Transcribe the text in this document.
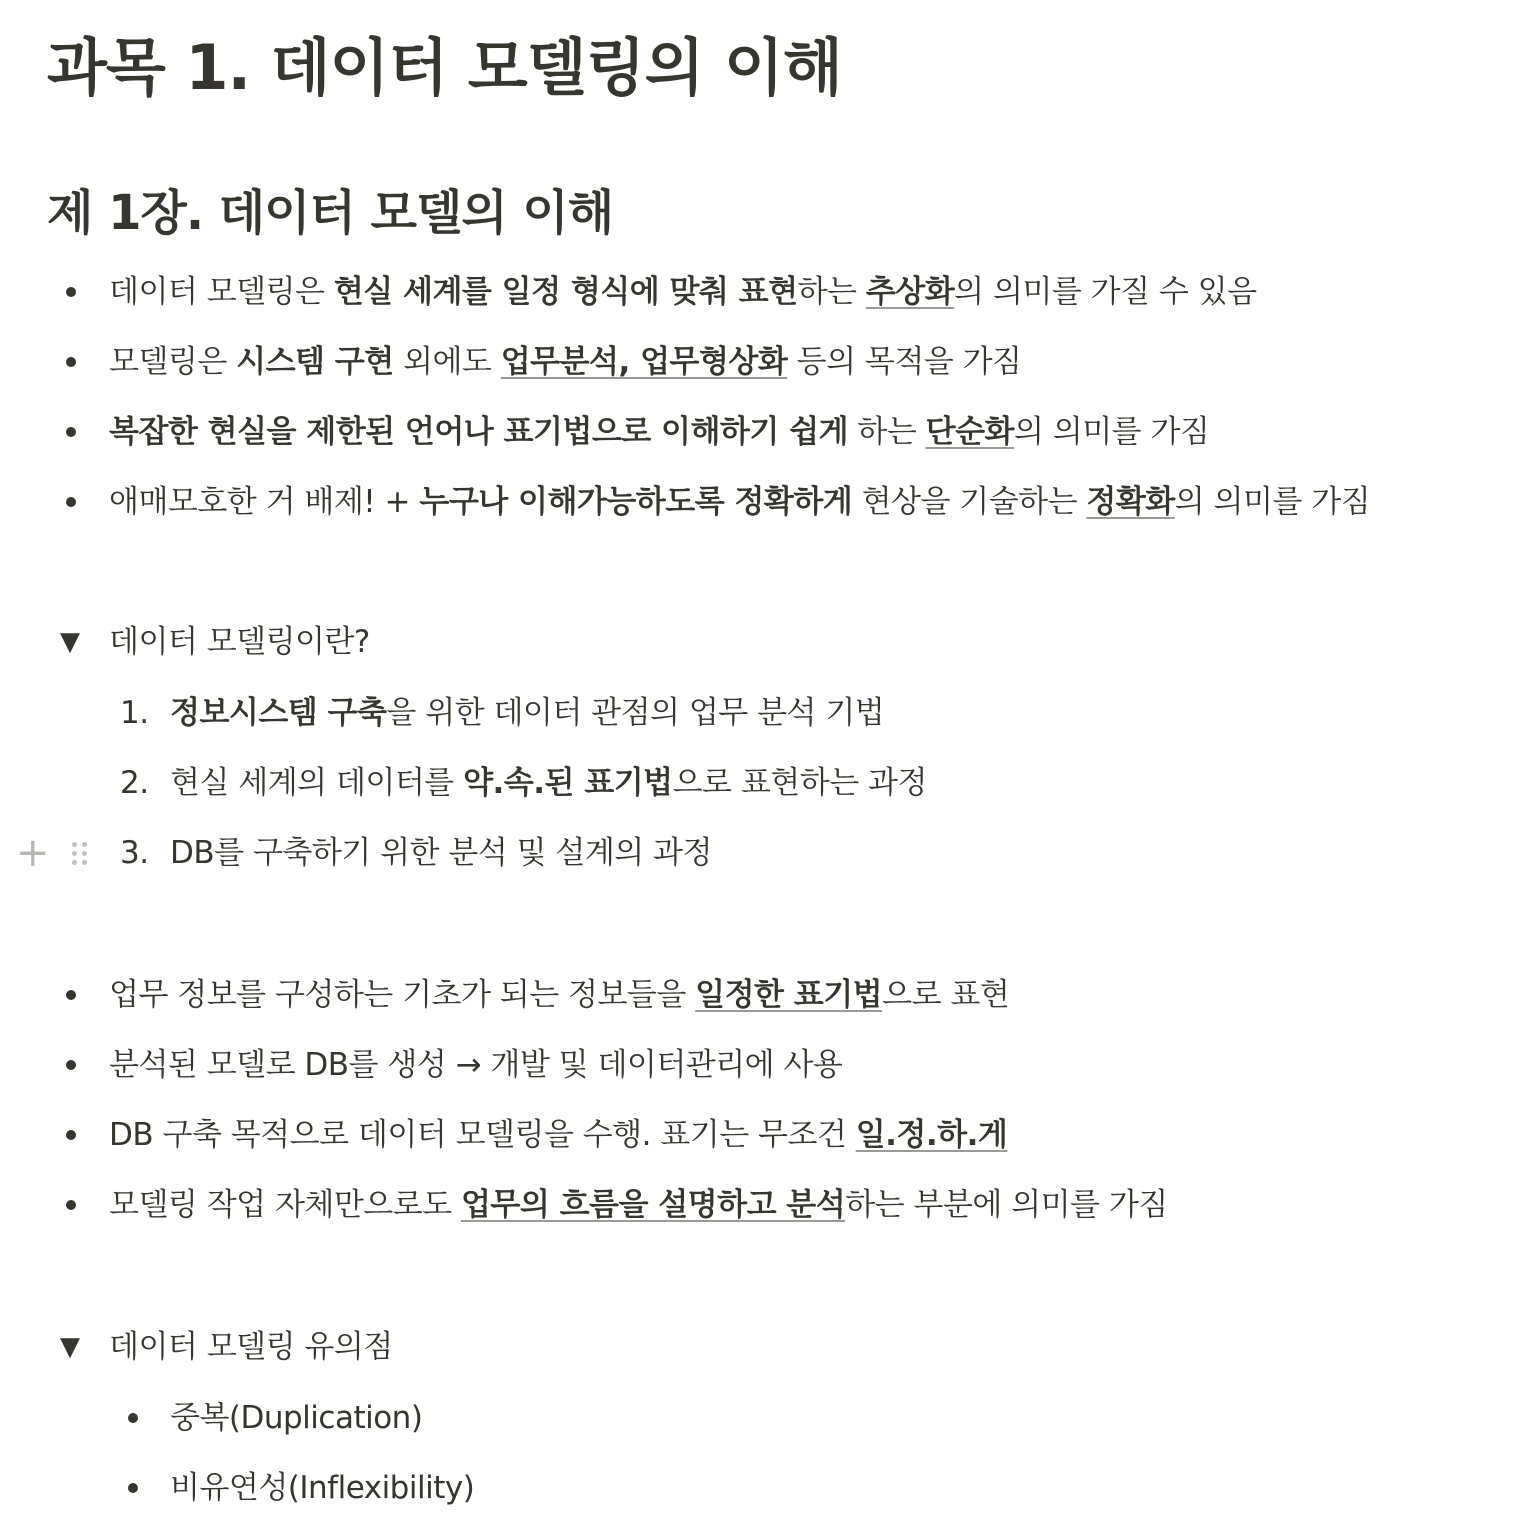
과목 1. 데이터 모델링의 이해
제 1장. 데이터 모델의 이해
데이터 모델링은 현실 세계를 일정 형식에 맞춰 표현하는 추상화의 의미를 가질 수 있음
모델링은 시스템 구현 외에도 업무분석, 업무형상화 등의 목적을 가짐
복잡한 현실을 제한된 언어나 표기법으로 이해하기 쉽게 하는 단순화의 의미를 가짐
애매모호한 거 배제! + 누구나 이해가능하도록 정확하게 현상을 기술하는 정확화의 의미를 가짐
▼ 데이터 모델링이란?
1. 정보시스템 구축을 위한 데이터 관점의 업무 분석 기법
2. 현실 세계의 데이터를 약.속.된 표기법으로 표현하는 과정
3. DB를 구축하기 위한 분석 및 설계의 과정
+
업무 정보를 구성하는 기초가 되는 정보들을 일정한 표기법으로 표현
분석된 모델로 DB를 생성 → 개발 및 데이터관리에 사용
DB 구축 목적으로 데이터 모델링을 수행. 표기는 무조건 일.정.하.게
모델링 작업 자체만으로도 업무의 흐름을 설명하고 분석하는 부분에 의미를 가짐
▼ 데이터 모델링 유의점
중복(Duplication)
비유연성(Inflexibility)
